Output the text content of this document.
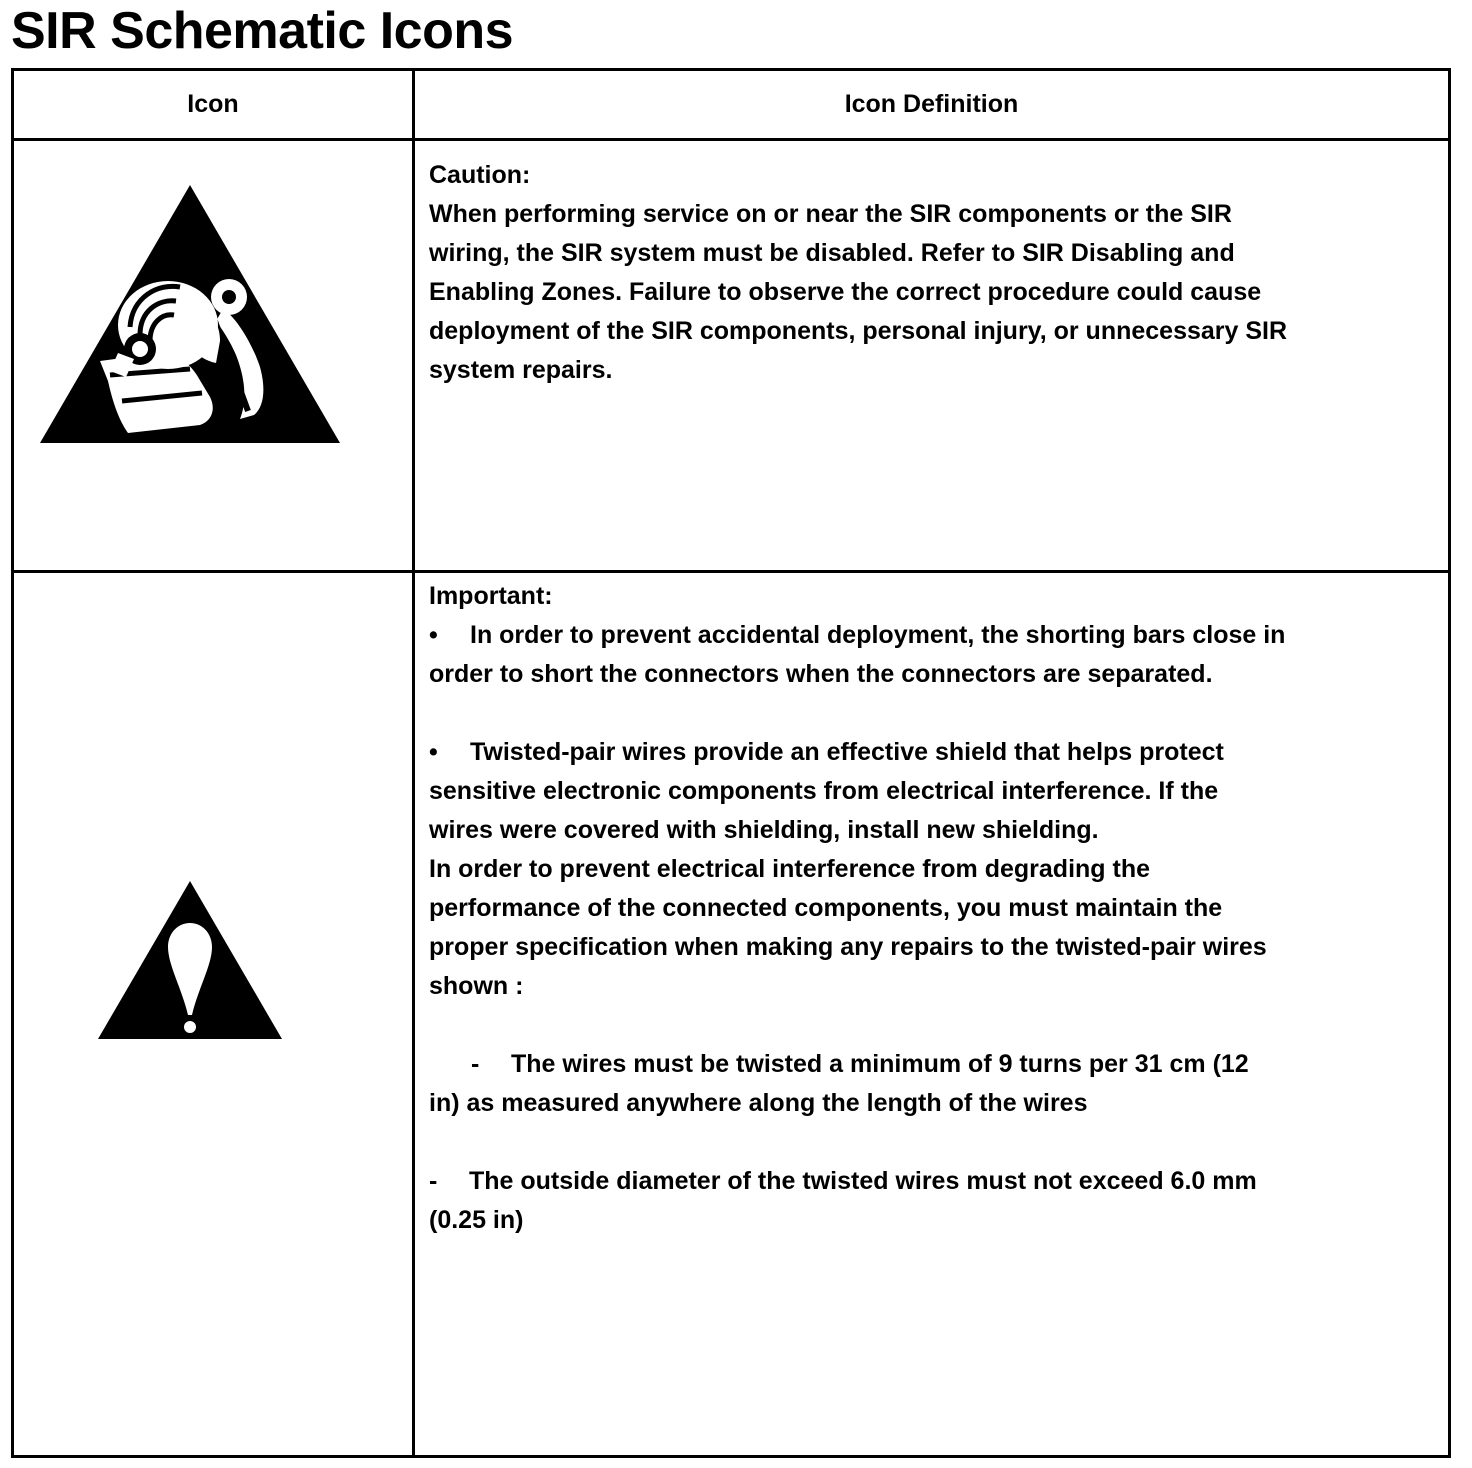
SIR Schematic Icons
Icon	Icon Definition

Caution:

When performing service on or near the SIR components or the SIR

wiring, the SIR system must be disabled. Refer to SIR Disabling and

Enabling Zones. Failure to observe the correct procedure could cause

deployment of the SIR components, personal injury, or unnecessary SIR

system repairs.

Important:

• In order to prevent accidental deployment, the shorting bars close in

order to short the connectors when the connectors are separated.

• Twisted-pair wires provide an effective shield that helps protect

sensitive electronic components from electrical interference. If the

wires were covered with shielding, install new shielding.

In order to prevent electrical interference from degrading the

performance of the connected components, you must maintain the

proper specification when making any repairs to the twisted-pair wires

shown :

- The wires must be twisted a minimum of 9 turns per 31 cm (12

in) as measured anywhere along the length of the wires

- The outside diameter of the twisted wires must not exceed 6.0 mm

(0.25 in)
